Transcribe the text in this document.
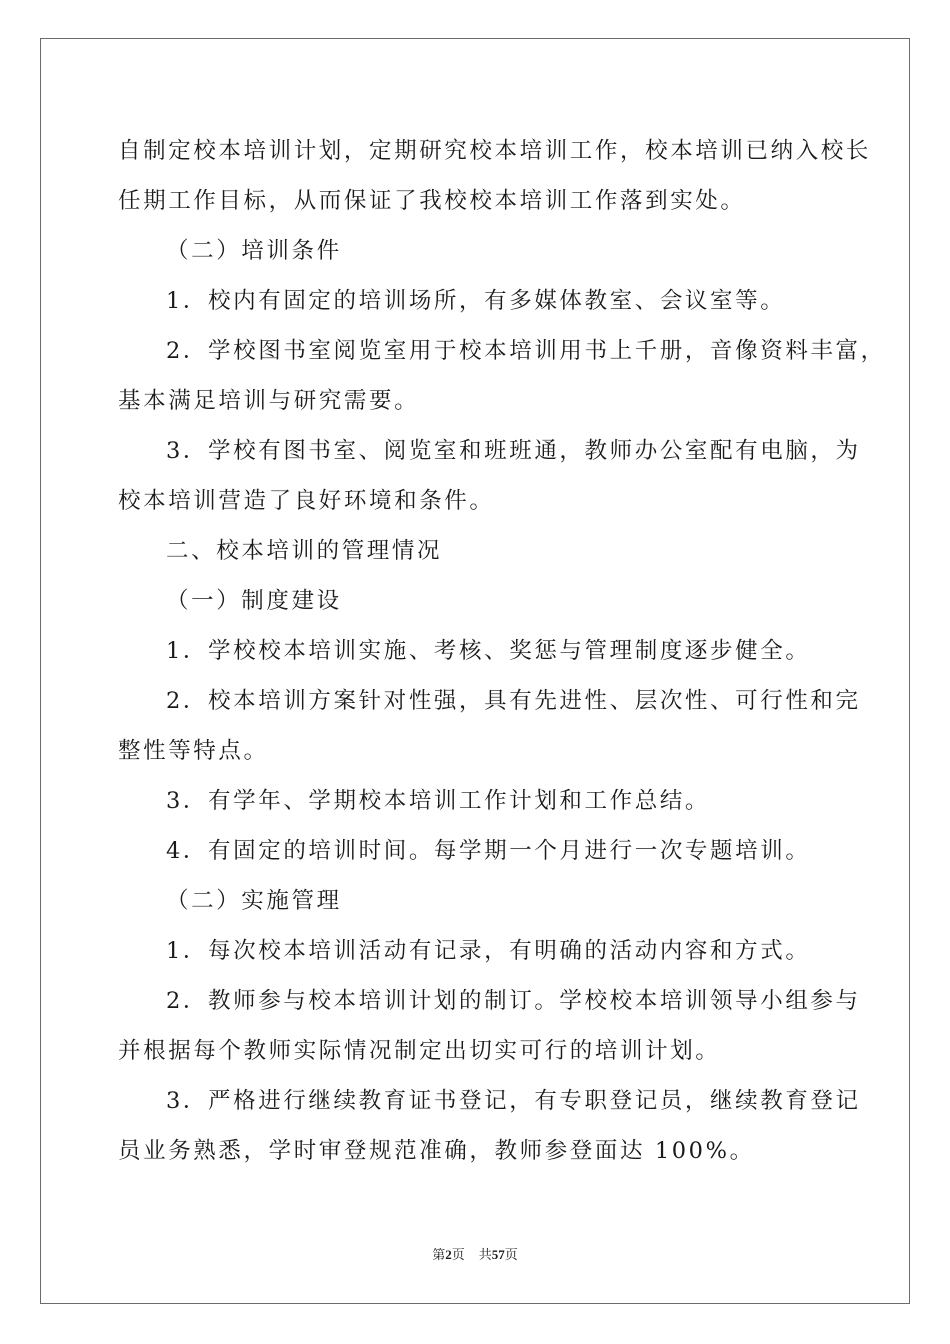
自制定校本培训计划，定期研究校本培训工作，校本培训已纳入校长
任期工作目标，从而保证了我校校本培训工作落到实处。
（二）培训条件
1．校内有固定的培训场所，有多媒体教室、会议室等。
2．学校图书室阅览室用于校本培训用书上千册，音像资料丰富，
基本满足培训与研究需要。
3．学校有图书室、阅览室和班班通，教师办公室配有电脑，为
校本培训营造了良好环境和条件。
二、校本培训的管理情况
（一）制度建设
1．学校校本培训实施、考核、奖惩与管理制度逐步健全。
2．校本培训方案针对性强，具有先进性、层次性、可行性和完
整性等特点。
3．有学年、学期校本培训工作计划和工作总结。
4．有固定的培训时间。每学期一个月进行一次专题培训。
（二）实施管理
1．每次校本培训活动有记录，有明确的活动内容和方式。
2．教师参与校本培训计划的制订。学校校本培训领导小组参与
并根据每个教师实际情况制定出切实可行的培训计划。
3．严格进行继续教育证书登记，有专职登记员，继续教育登记
员业务熟悉，学时审登规范准确，教师参登面达 100%。
第2页 共57页
